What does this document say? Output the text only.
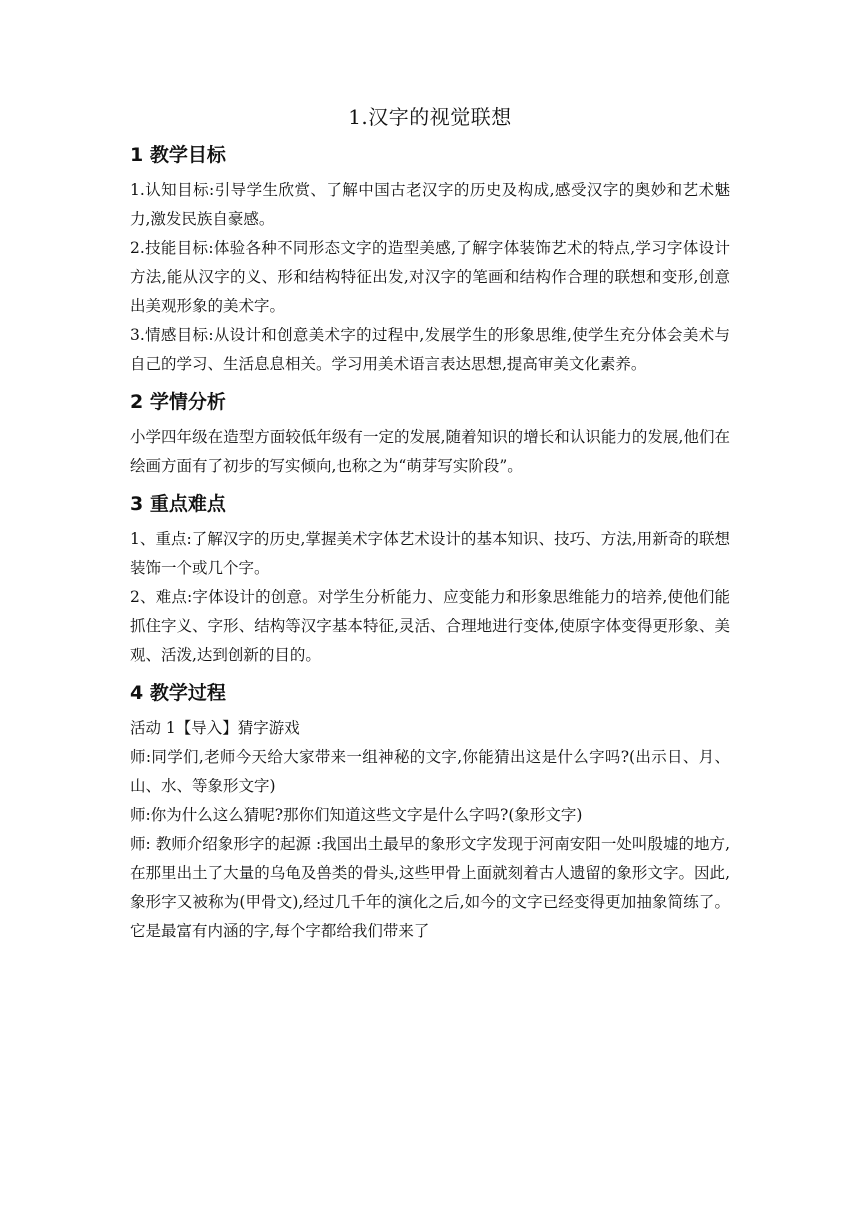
1.汉字的视觉联想
1 教学目标

1.认知目标:引导学生欣赏、了解中国古老汉字的历史及构成,感受汉字的奥妙和艺术魅力,激发民族自豪感。

2.技能目标:体验各种不同形态文字的造型美感,了解字体装饰艺术的特点,学习字体设计方法,能从汉字的义、形和结构特征出发,对汉字的笔画和结构作合理的联想和变形,创意出美观形象的美术字。

3.情感目标:从设计和创意美术字的过程中,发展学生的形象思维,使学生充分体会美术与自己的学习、生活息息相关。学习用美术语言表达思想,提高审美文化素养。

2 学情分析

小学四年级在造型方面较低年级有一定的发展,随着知识的增长和认识能力的发展,他们在绘画方面有了初步的写实倾向,也称之为“萌芽写实阶段”。

3 重点难点

1、重点:了解汉字的历史,掌握美术字体艺术设计的基本知识、技巧、方法,用新奇的联想装饰一个或几个字。

2、难点:字体设计的创意。对学生分析能力、应变能力和形象思维能力的培养,使他们能抓住字义、字形、结构等汉字基本特征,灵活、合理地进行变体,使原字体变得更形象、美观、活泼,达到创新的目的。

4 教学过程

活动 1【导入】猜字游戏

师:同学们,老师今天给大家带来一组神秘的文字,你能猜出这是什么字吗?(出示日、月、山、水、等象形文字)

师:你为什么这么猜呢?那你们知道这些文字是什么字吗?(象形文字)

师: 教师介绍象形字的起源 :我国出土最早的象形文字发现于河南安阳一处叫殷墟的地方,在那里出土了大量的乌龟及兽类的骨头,这些甲骨上面就刻着古人遗留的象形文字。因此,象形字又被称为(甲骨文),经过几千年的演化之后,如今的文字已经变得更加抽象简练了。它是最富有内涵的字,每个字都给我们带来了
